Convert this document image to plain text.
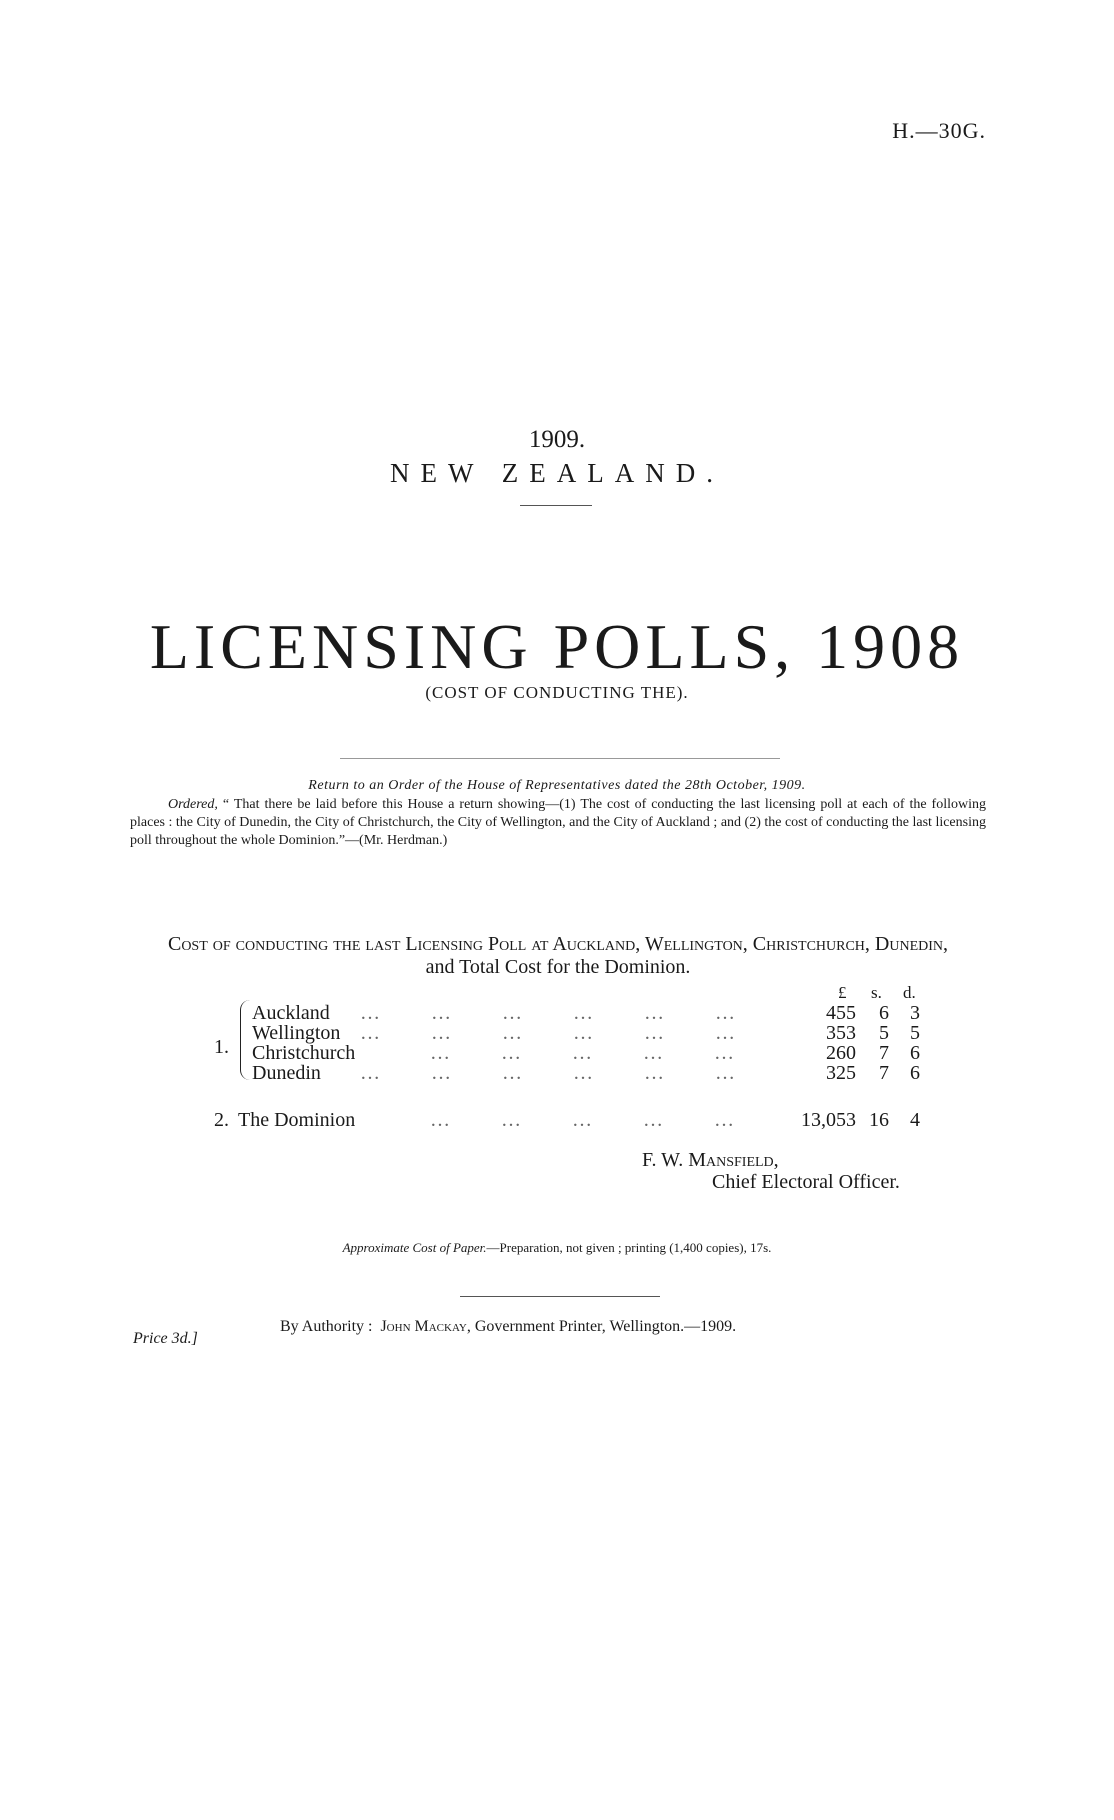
H.—30G.
1909.
NEW ZEALAND.
LICENSING POLLS, 1908
(COST OF CONDUCTING THE).
Return to an Order of the House of Representatives dated the 28th October, 1909.
Ordered, “ That there be laid before this House a return showing—(1) The cost of conducting the last licensing poll at each of the following places : the City of Dunedin, the City of Christchurch, the City of Wellington, and the City of Auckland ; and (2) the cost of conducting the last licensing poll throughout the whole Dominion.”—(Mr. Herdman.)
Cost of conducting the last Licensing Poll at Auckland, Wellington, Christchurch, Dunedin,
and Total Cost for the Dominion.
£ s. d.
1.
Auckland …       …       …       …       …       …	455 6 3
Wellington …       …       …       …       …       …	353 5 5
Christchurch	…       …       …       …       …	260 7 6
Dunedin …       …       …       …       …       …	325 7 6
2. The Dominion	…       …       …       …       …	13,053 16 4
F. W. Mansfield,
Chief Electoral Officer.
Approximate Cost of Paper.—Preparation, not given ; printing (1,400 copies), 17s.
By Authority : John Mackay, Government Printer, Wellington.—1909.
Price 3d.]
